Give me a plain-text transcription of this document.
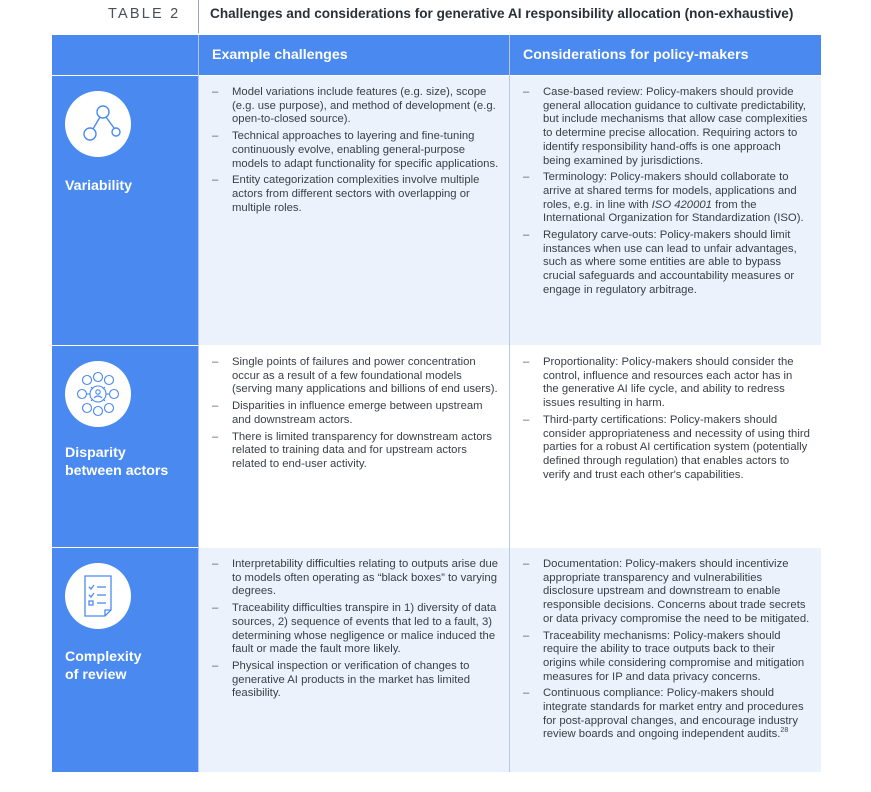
TABLE 2 Challenges and considerations for generative AI responsibility allocation (non-exhaustive)
Example challenges	Considerations for policy-makers
Variability
– Model variations include features (e.g. size), scope (e.g. use purpose), and method of development (e.g. open-to-closed source).
– Technical approaches to layering and fine-tuning continuously evolve, enabling general-purpose models to adapt functionality for specific applications.
– Entity categorization complexities involve multiple actors from different sectors with overlapping or multiple roles.
– Case-based review: Policy-makers should provide general allocation guidance to cultivate predictability, but include mechanisms that allow case complexities to determine precise allocation. Requiring actors to identify responsibility hand-offs is one approach being examined by jurisdictions.
– Terminology: Policy-makers should collaborate to arrive at shared terms for models, applications and roles, e.g. in line with ISO 420001 from the International Organization for Standardization (ISO).
– Regulatory carve-outs: Policy-makers should limit instances when use can lead to unfair advantages, such as where some entities are able to bypass crucial safeguards and accountability measures or engage in regulatory arbitrage.
Disparity
between actors
– Single points of failures and power concentration occur as a result of a few foundational models (serving many applications and billions of end users).
– Disparities in influence emerge between upstream and downstream actors.
– There is limited transparency for downstream actors related to training data and for upstream actors related to end-user activity.
– Proportionality: Policy-makers should consider the control, influence and resources each actor has in the generative AI life cycle, and ability to redress issues resulting in harm.
– Third-party certifications: Policy-makers should consider appropriateness and necessity of using third parties for a robust AI certification system (potentially defined through regulation) that enables actors to verify and trust each other's capabilities.
Complexity
of review
– Interpretability difficulties relating to outputs arise due to models often operating as “black boxes” to varying degrees.
– Traceability difficulties transpire in 1) diversity of data sources, 2) sequence of events that led to a fault, 3) determining whose negligence or malice induced the fault or made the fault more likely.
– Physical inspection or verification of changes to generative AI products in the market has limited feasibility.
– Documentation: Policy-makers should incentivize appropriate transparency and vulnerabilities disclosure upstream and downstream to enable responsible decisions. Concerns about trade secrets or data privacy compromise the need to be mitigated.
– Traceability mechanisms: Policy-makers should require the ability to trace outputs back to their origins while considering compromise and mitigation measures for IP and data privacy concerns.
– Continuous compliance: Policy-makers should integrate standards for market entry and procedures for post-approval changes, and encourage industry review boards and ongoing independent audits.$^{28}$
